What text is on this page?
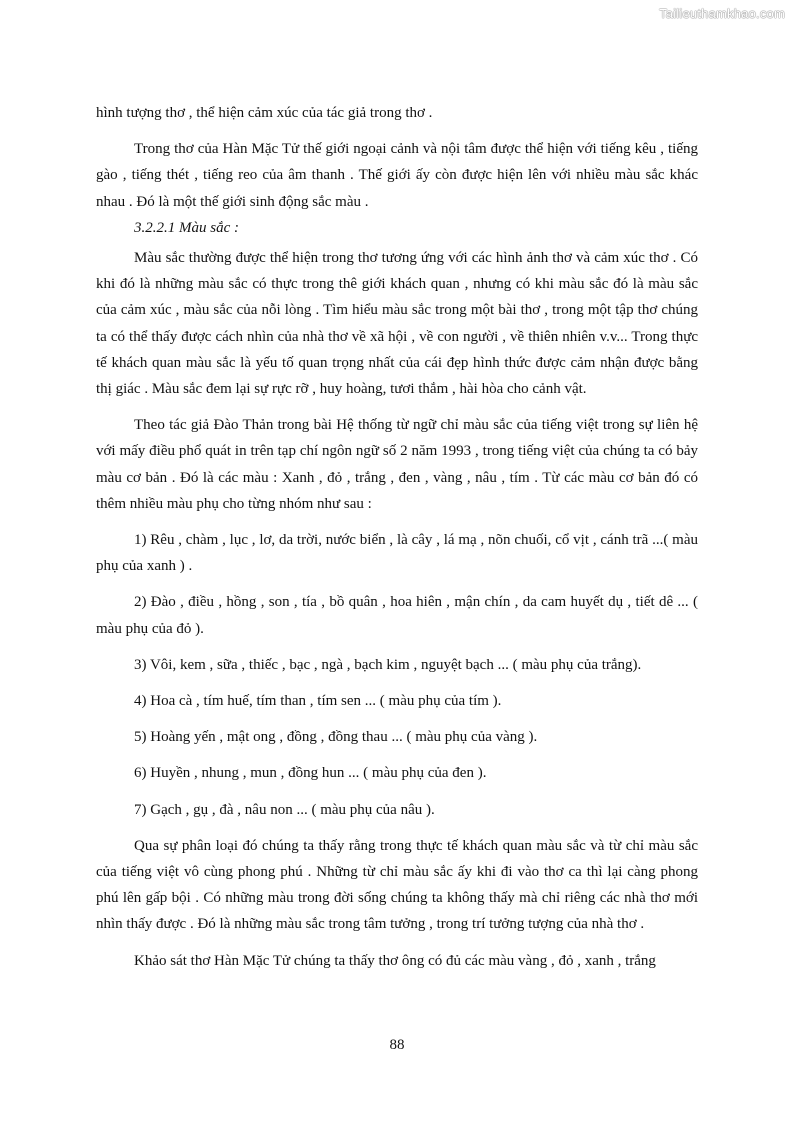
Tailieuthamkhao.com

hình tượng thơ , thể hiện cảm xúc của tác giả trong thơ .

Trong thơ của Hàn Mặc Tử thế giới ngoại cảnh và nội tâm được thể hiện với tiếng kêu , tiếng gào , tiếng thét , tiếng reo của âm thanh . Thế giới ấy còn được hiện lên với nhiều màu sắc khác nhau . Đó là một thế giới sinh động sắc màu .

3.2.2.1 Màu sắc :

Màu sắc thường được thể hiện trong thơ tương ứng với các hình ảnh thơ và cảm xúc thơ . Có khi đó là những màu sắc có thực trong thê giới khách quan , nhưng có khi màu sắc đó là màu sắc của cảm xúc , màu sắc của nỗi lòng . Tìm hiểu màu sắc trong một bài thơ , trong một tập thơ chúng ta có thể thấy được cách nhìn của nhà thơ về xã hội , về con người , về thiên nhiên v.v... Trong thực tế khách quan màu sắc là yếu tố quan trọng nhất của cái đẹp hình thức được cảm nhận được bằng thị giác . Màu sắc đem lại sự rực rỡ , huy hoàng, tươi thắm , hài hòa cho cảnh vật.

Theo tác giả Đào Thản trong bài Hệ thống từ ngữ chỉ màu sắc của tiếng việt trong sự liên hệ với mấy điều phổ quát in trên tạp chí ngôn ngữ số 2 năm 1993 , trong tiếng việt của chúng ta có bảy màu cơ bản . Đó là các màu : Xanh , đỏ , trắng , đen , vàng , nâu , tím . Từ các màu cơ bản đó có thêm nhiều màu phụ cho từng nhóm như sau :

1) Rêu , chàm , lục , lơ, da trời, nước biển , là cây , lá mạ , nõn chuối, cổ vịt , cánh trã ...( màu phụ của xanh ) .

2) Đào , điều , hồng , son , tía , bồ quân , hoa hiên , mận chín , da cam huyết dụ , tiết dê ... ( màu phụ của đỏ ).

3) Vôi, kem , sữa , thiếc , bạc , ngà , bạch kim , nguyệt bạch ... ( màu phụ của trắng).

4) Hoa cà , tím huế, tím than , tím sen ... ( màu phụ của tím ).

5) Hoàng yến , mật ong , đồng , đồng thau ... ( màu phụ của vàng ).

6) Huyền , nhung , mun , đồng hun ... ( màu phụ của đen ).

7) Gạch , gụ , đà , nâu non ... ( màu phụ của nâu ).

Qua sự phân loại đó chúng ta thấy rằng trong thực tế khách quan màu sắc và từ chỉ màu sắc của tiếng việt vô cùng phong phú . Những từ chỉ màu sắc ấy khi đi vào thơ ca thì lại càng phong phú lên gấp bội . Có những màu trong đời sống chúng ta không thấy mà chỉ riêng các nhà thơ mới nhìn thấy được . Đó là những màu sắc trong tâm tưởng , trong trí tưởng tượng của nhà thơ .

Khảo sát thơ Hàn Mặc Tử chúng ta thấy thơ ông có đủ các màu vàng , đỏ , xanh , trắng

88
